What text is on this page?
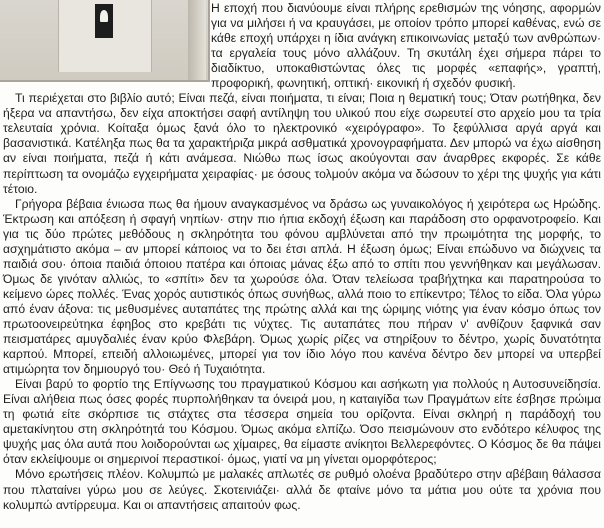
Η εποχή που διανύουμε είναι πλήρης ερεθισμών της νόησης, αφορμών για να μιλήσει ή να κραυγάσει, με οποίον τρόπο μπορεί καθένας, ενώ σε κάθε εποχή υπάρχει η ίδια ανάγκη επικοινωνίας μεταξύ των ανθρώπων· τα εργαλεία τους μόνο αλλάζουν. Τη σκυτάλη έχει σήμερα πάρει το διαδίκτυο, υποκαθιστώντας όλες τις μορφές «επαφής», γραπτή, προφορική, φωνητική, οπτική· εικονική ή σχεδόν φυσική.

Τι περιέχεται στο βιβλίο αυτό; Είναι πεζά, είναι ποιήματα, τι είναι; Ποια η θεματική τους; Όταν ρωτήθηκα, δεν ήξερα να απαντήσω, δεν είχα αποκτήσει σαφή αντίληψη του υλικού που είχε σωρευτεί στο αρχείο μου τα τρία τελευταία χρόνια. Κοίταξα όμως ξανά όλο το ηλεκτρονικό «χειρόγραφο». Το ξεφύλλισα αργά αργά και βασανιστικά. Κατέληξα πως θα τα χαρακτήριζα μικρά ασθματικά χρονογραφήματα. Δεν μπορώ να έχω αίσθηση αν είναι ποιήματα, πεζά ή κάτι ανάμεσα. Νιώθω πως ίσως ακούγονται σαν άναρθρες εκφορές. Σε κάθε περίπτωση τα ονομάζω εγχειρήματα χειραφίας· με όσους τολμούν ακόμα να δώσουν το χέρι της ψυχής για κάτι τέτοιο.

Γρήγορα βέβαια ένιωσα πως θα ήμουν αναγκασμένος να δράσω ως γυναικολόγος ή χειρότερα ως Ηρώδης. Έκτρωση και απόξεση ή σφαγή νηπίων· στην πιο ήπια εκδοχή έξωση και παράδοση στο ορφανοτροφείο. Και για τις δύο πρώτες μεθόδους η σκληρότητα του φόνου αμβλύνεται από την πρωιμότητα της μορφής, το ασχημάτιστο ακόμα – αν μπορεί κάποιος να το δει έτσι απλά. Η έξωση όμως; Είναι επώδυνο να διώχνεις τα παιδιά σου· όποια παιδιά όποιου πατέρα και όποιας μάνας έξω από το σπίτι που γεννήθηκαν και μεγάλωσαν. Όμως δε γινόταν αλλιώς, το «σπίτι» δεν τα χωρούσε όλα. Όταν τελείωσα τραβήχτηκα και παρατηρούσα το κείμενο ώρες πολλές. Ένας χορός αυτιστικός όπως συνήθως, αλλά ποιο το επίκεντρο; Τέλος το είδα. Όλα γύρω από έναν άξονα: τις μεθυσμένες αυταπάτες της πρώτης αλλά και της ώριμης νιότης για έναν κόσμο όπως τον πρωτοονειρεύτηκα έφηβος στο κρεβάτι τις νύχτες. Τις αυταπάτες που πήραν ν' ανθίζουν ξαφνικά σαν πεισματάρες αμυγδαλιές έναν κρύο Φλεβάρη. Όμως χωρίς ρίζες να στηρίξουν το δέντρο, χωρίς δυνατότητα καρπού. Μπορεί, επειδή αλλοιωμένες, μπορεί για τον ίδιο λόγο που κανένα δέντρο δεν μπορεί να υπερβεί ατιμώρητα τον δημιουργό του· Θεό ή Τυχαιότητα.

Είναι βαρύ το φορτίο της Επίγνωσης του πραγματικού Κόσμου και ασήκωτη για πολλούς η Αυτοσυνείδησία. Είναι αλήθεια πως όσες φορές πυρπολήθηκαν τα όνειρά μου, η καταιγίδα των Πραγμάτων είτε έσβησε πρώιμα τη φωτιά είτε σκόρπισε τις στάχτες στα τέσσερα σημεία του ορίζοντα. Είναι σκληρή η παράδοχή του αμετακίνητου στη σκληρότητά του Κόσμου. Όμως ακόμα ελπίζω. Όσο πεισμώνουν στο ενδότερο κέλυφος της ψυχής μας όλα αυτά που λοιδορούνται ως χίμαιρες, θα είμαστε ανίκητοι Βελλερεφόντες. Ο Κόσμος δε θα πάψει όταν εκλείψουμε οι σημερινοί περαστικοί· όμως, γιατί να μη γίνεται ομορφότερος;

Μόνο ερωτήσεις πλέον. Κολυμπώ με μαλακές απλωτές σε ρυθμό ολοένα βραδύτερο στην αβέβαιη θάλασσα που πλαταίνει γύρω μου σε λεύγες. Σκοτεινιάζει· αλλά δε φταίνε μόνο τα μάτια μου ούτε τα χρόνια που κολυμπώ αντίρρευμα. Και οι απαντήσεις απαιτούν φως.
